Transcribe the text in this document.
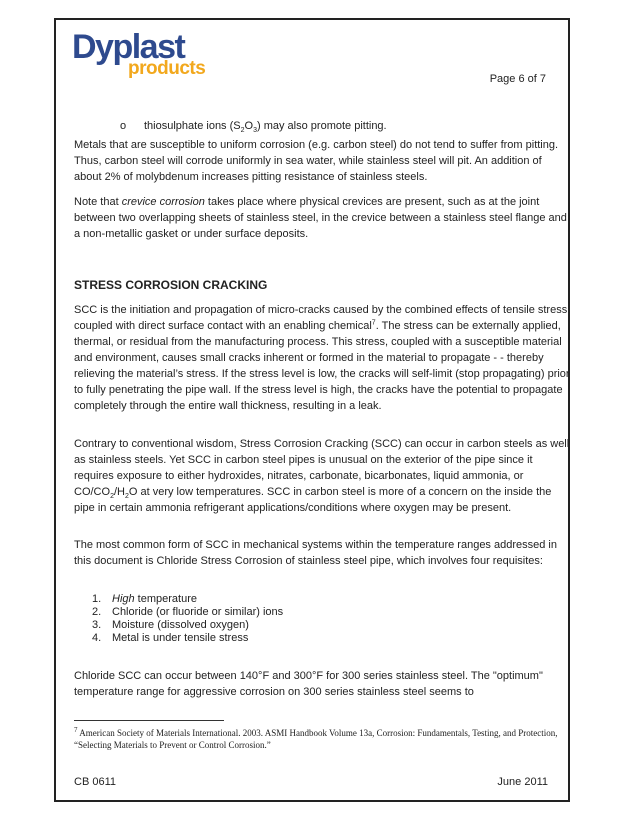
Dyplast
products	Page 6 of 7
o thiosulphate ions $(S_2O_3)$ may also promote pitting.

Metals that are susceptible to uniform corrosion (e.g. carbon steel) do not tend to suffer from pitting. Thus, carbon steel will corrode uniformly in sea water, while stainless steel will pit. An addition of about 2% of molybdenum increases pitting resistance of stainless steels.

Note that crevice corrosion takes place where physical crevices are present, such as at the joint between two overlapping sheets of stainless steel, in the crevice between a stainless steel flange and a non-metallic gasket or under surface deposits.

STRESS CORROSION CRACKING

SCC is the initiation and propagation of micro-cracks caused by the combined effects of tensile stress coupled with direct surface contact with an enabling chemical$^7$. The stress can be externally applied, thermal, or residual from the manufacturing process. This stress, coupled with a susceptible material and environment, causes small cracks inherent or formed in the material to propagate - - thereby relieving the material’s stress. If the stress level is low, the cracks will self-limit (stop propagating) prior to fully penetrating the pipe wall. If the stress level is high, the cracks have the potential to propagate completely through the entire wall thickness, resulting in a leak.

Contrary to conventional wisdom, Stress Corrosion Cracking (SCC) can occur in carbon steels as well as stainless steels. Yet SCC in carbon steel pipes is unusual on the exterior of the pipe since it requires exposure to either hydroxides, nitrates, carbonate, bicarbonates, liquid ammonia, or $CO/CO_2/H_2O$ at very low temperatures. SCC in carbon steel is more of a concern on the inside the pipe in certain ammonia refrigerant applications/conditions where oxygen may be present.

The most common form of SCC in mechanical systems within the temperature ranges addressed in this document is Chloride Stress Corrosion of stainless steel pipe, which involves four requisites:

1. High temperature
2. Chloride (or fluoride or similar) ions
3. Moisture (dissolved oxygen)
4. Metal is under tensile stress

Chloride SCC can occur between 140°F and 300°F for 300 series stainless steel. The "optimum" temperature range for aggressive corrosion on 300 series stainless steel seems to

$^7$ American Society of Materials International. 2003. ASMI Handbook Volume 13a, Corrosion: Fundamentals, Testing, and Protection, “Selecting Materials to Prevent or Control Corrosion.”

CB 0611	June 2011
